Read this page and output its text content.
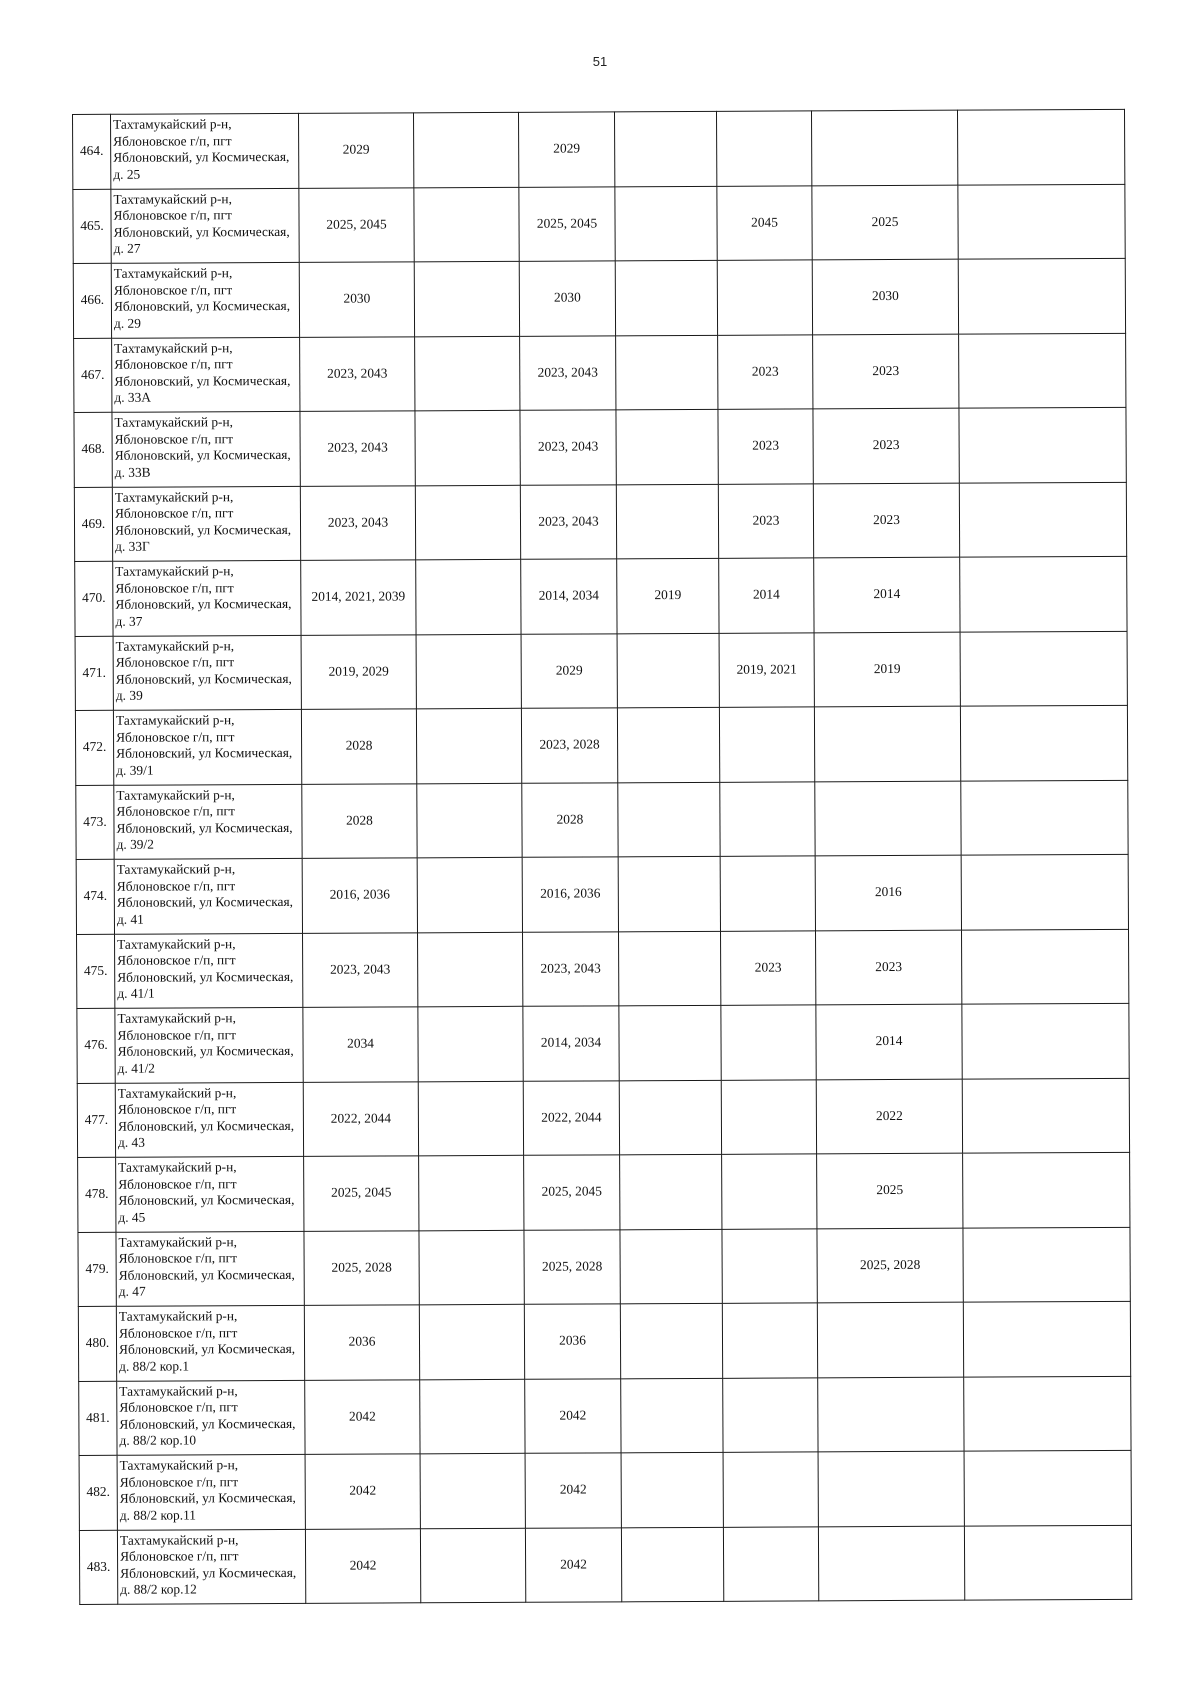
51
464.	Тахтамукайский р-н,
Яблоновское г/п, пгт
Яблоновский, ул Космическая,
д. 25	2029		2029				
465.	Тахтамукайский р-н,
Яблоновское г/п, пгт
Яблоновский, ул Космическая,
д. 27	2025, 2045		2025, 2045		2045	2025	
466.	Тахтамукайский р-н,
Яблоновское г/п, пгт
Яблоновский, ул Космическая,
д. 29	2030		2030			2030	
467.	Тахтамукайский р-н,
Яблоновское г/п, пгт
Яблоновский, ул Космическая,
д. 33А	2023, 2043		2023, 2043		2023	2023	
468.	Тахтамукайский р-н,
Яблоновское г/п, пгт
Яблоновский, ул Космическая,
д. 33В	2023, 2043		2023, 2043		2023	2023	
469.	Тахтамукайский р-н,
Яблоновское г/п, пгт
Яблоновский, ул Космическая,
д. 33Г	2023, 2043		2023, 2043		2023	2023	
470.	Тахтамукайский р-н,
Яблоновское г/п, пгт
Яблоновский, ул Космическая,
д. 37	2014, 2021, 2039		2014, 2034	2019	2014	2014	
471.	Тахтамукайский р-н,
Яблоновское г/п, пгт
Яблоновский, ул Космическая,
д. 39	2019, 2029		2029		2019, 2021	2019	
472.	Тахтамукайский р-н,
Яблоновское г/п, пгт
Яблоновский, ул Космическая,
д. 39/1	2028		2023, 2028				
473.	Тахтамукайский р-н,
Яблоновское г/п, пгт
Яблоновский, ул Космическая,
д. 39/2	2028		2028				
474.	Тахтамукайский р-н,
Яблоновское г/п, пгт
Яблоновский, ул Космическая,
д. 41	2016, 2036		2016, 2036			2016	
475.	Тахтамукайский р-н,
Яблоновское г/п, пгт
Яблоновский, ул Космическая,
д. 41/1	2023, 2043		2023, 2043		2023	2023	
476.	Тахтамукайский р-н,
Яблоновское г/п, пгт
Яблоновский, ул Космическая,
д. 41/2	2034		2014, 2034			2014	
477.	Тахтамукайский р-н,
Яблоновское г/п, пгт
Яблоновский, ул Космическая,
д. 43	2022, 2044		2022, 2044			2022	
478.	Тахтамукайский р-н,
Яблоновское г/п, пгт
Яблоновский, ул Космическая,
д. 45	2025, 2045		2025, 2045			2025	
479.	Тахтамукайский р-н,
Яблоновское г/п, пгт
Яблоновский, ул Космическая,
д. 47	2025, 2028		2025, 2028			2025, 2028	
480.	Тахтамукайский р-н,
Яблоновское г/п, пгт
Яблоновский, ул Космическая,
д. 88/2 кор.1	2036		2036				
481.	Тахтамукайский р-н,
Яблоновское г/п, пгт
Яблоновский, ул Космическая,
д. 88/2 кор.10	2042		2042				
482.	Тахтамукайский р-н,
Яблоновское г/п, пгт
Яблоновский, ул Космическая,
д. 88/2 кор.11	2042		2042				
483.	Тахтамукайский р-н,
Яблоновское г/п, пгт
Яблоновский, ул Космическая,
д. 88/2 кор.12	2042		2042				
